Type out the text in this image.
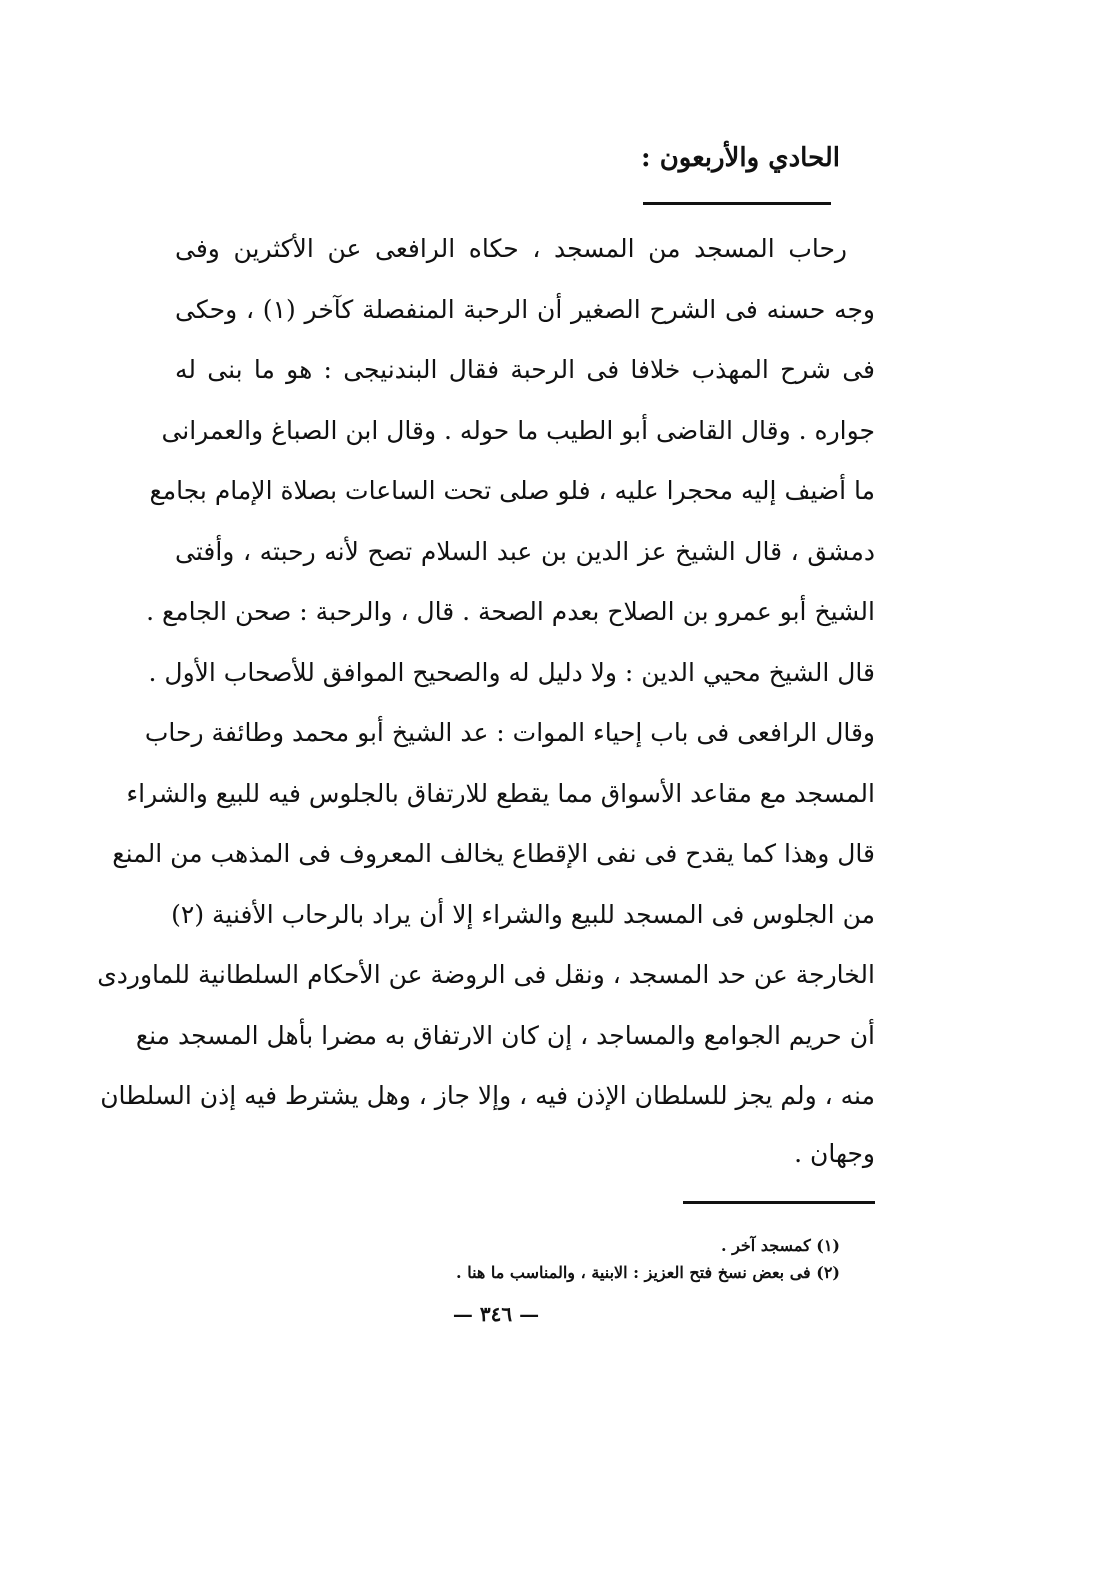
الحادي والأربعون :
رحاب المسجد من المسجد ، حكاه الرافعى عن الأكثرين وفى
وجه حسنه فى الشرح الصغير أن الرحبة المنفصلة كآخر (١) ، وحكى
فى شرح المهذب خلافا فى الرحبة فقال البندنيجى : هو ما بنى له
جواره . وقال القاضى أبو الطيب ما حوله . وقال ابن الصباغ والعمرانى
ما أضيف إليه محجرا عليه ، فلو صلى تحت الساعات بصلاة الإمام بجامع
دمشق ، قال الشيخ عز الدين بن عبد السلام تصح لأنه رحبته ، وأفتى
الشيخ أبو عمرو بن الصلاح بعدم الصحة . قال ، والرحبة : صحن الجامع .
قال الشيخ محيي الدين : ولا دليل له والصحيح الموافق للأصحاب الأول .
وقال الرافعى فى باب إحياء الموات : عد الشيخ أبو محمد وطائفة رحاب
المسجد مع مقاعد الأسواق مما يقطع للارتفاق بالجلوس فيه للبيع والشراء
قال وهذا كما يقدح فى نفى الإقطاع يخالف المعروف فى المذهب من المنع
من الجلوس فى المسجد للبيع والشراء إلا أن يراد بالرحاب الأفنية (٢)
الخارجة عن حد المسجد ، ونقل فى الروضة عن الأحكام السلطانية للماوردى
أن حريم الجوامع والمساجد ، إن كان الارتفاق به مضرا بأهل المسجد منع
منه ، ولم يجز للسلطان الإذن فيه ، وإلا جاز ، وهل يشترط فيه إذن السلطان
وجهان .
(١) كمسجد آخر .
(٢) فى بعض نسخ فتح العزيز : الابنية ، والمناسب ما هنا .
— ٣٤٦ —
